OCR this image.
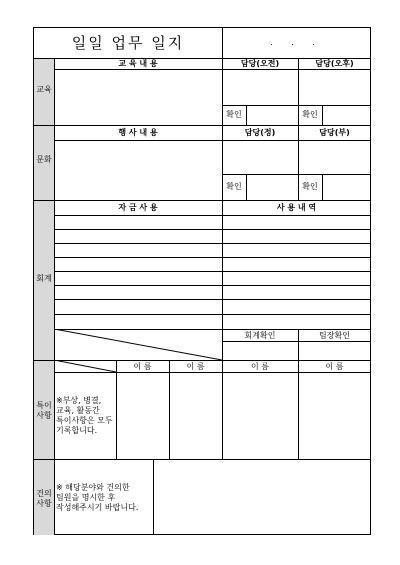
일일 업무 일지	. . .
교육
교 육 내 용	담당(오전)	담당(오후)
확인	확인
문화
행 사 내 용	담당(정)	담당(부)
확인	확인
회계
자 금 사 용	사 용 내 역
회계확인	팀장확인
특이
사항
이 름	이 름	이 름	이 름
※부상, 병결,
교육, 활동간
특이사항은 모두
기록합니다.
건의
사항
※ 해당분야와 건의한
팀원을 명시한 후
작성해주시기 바랍니다.
